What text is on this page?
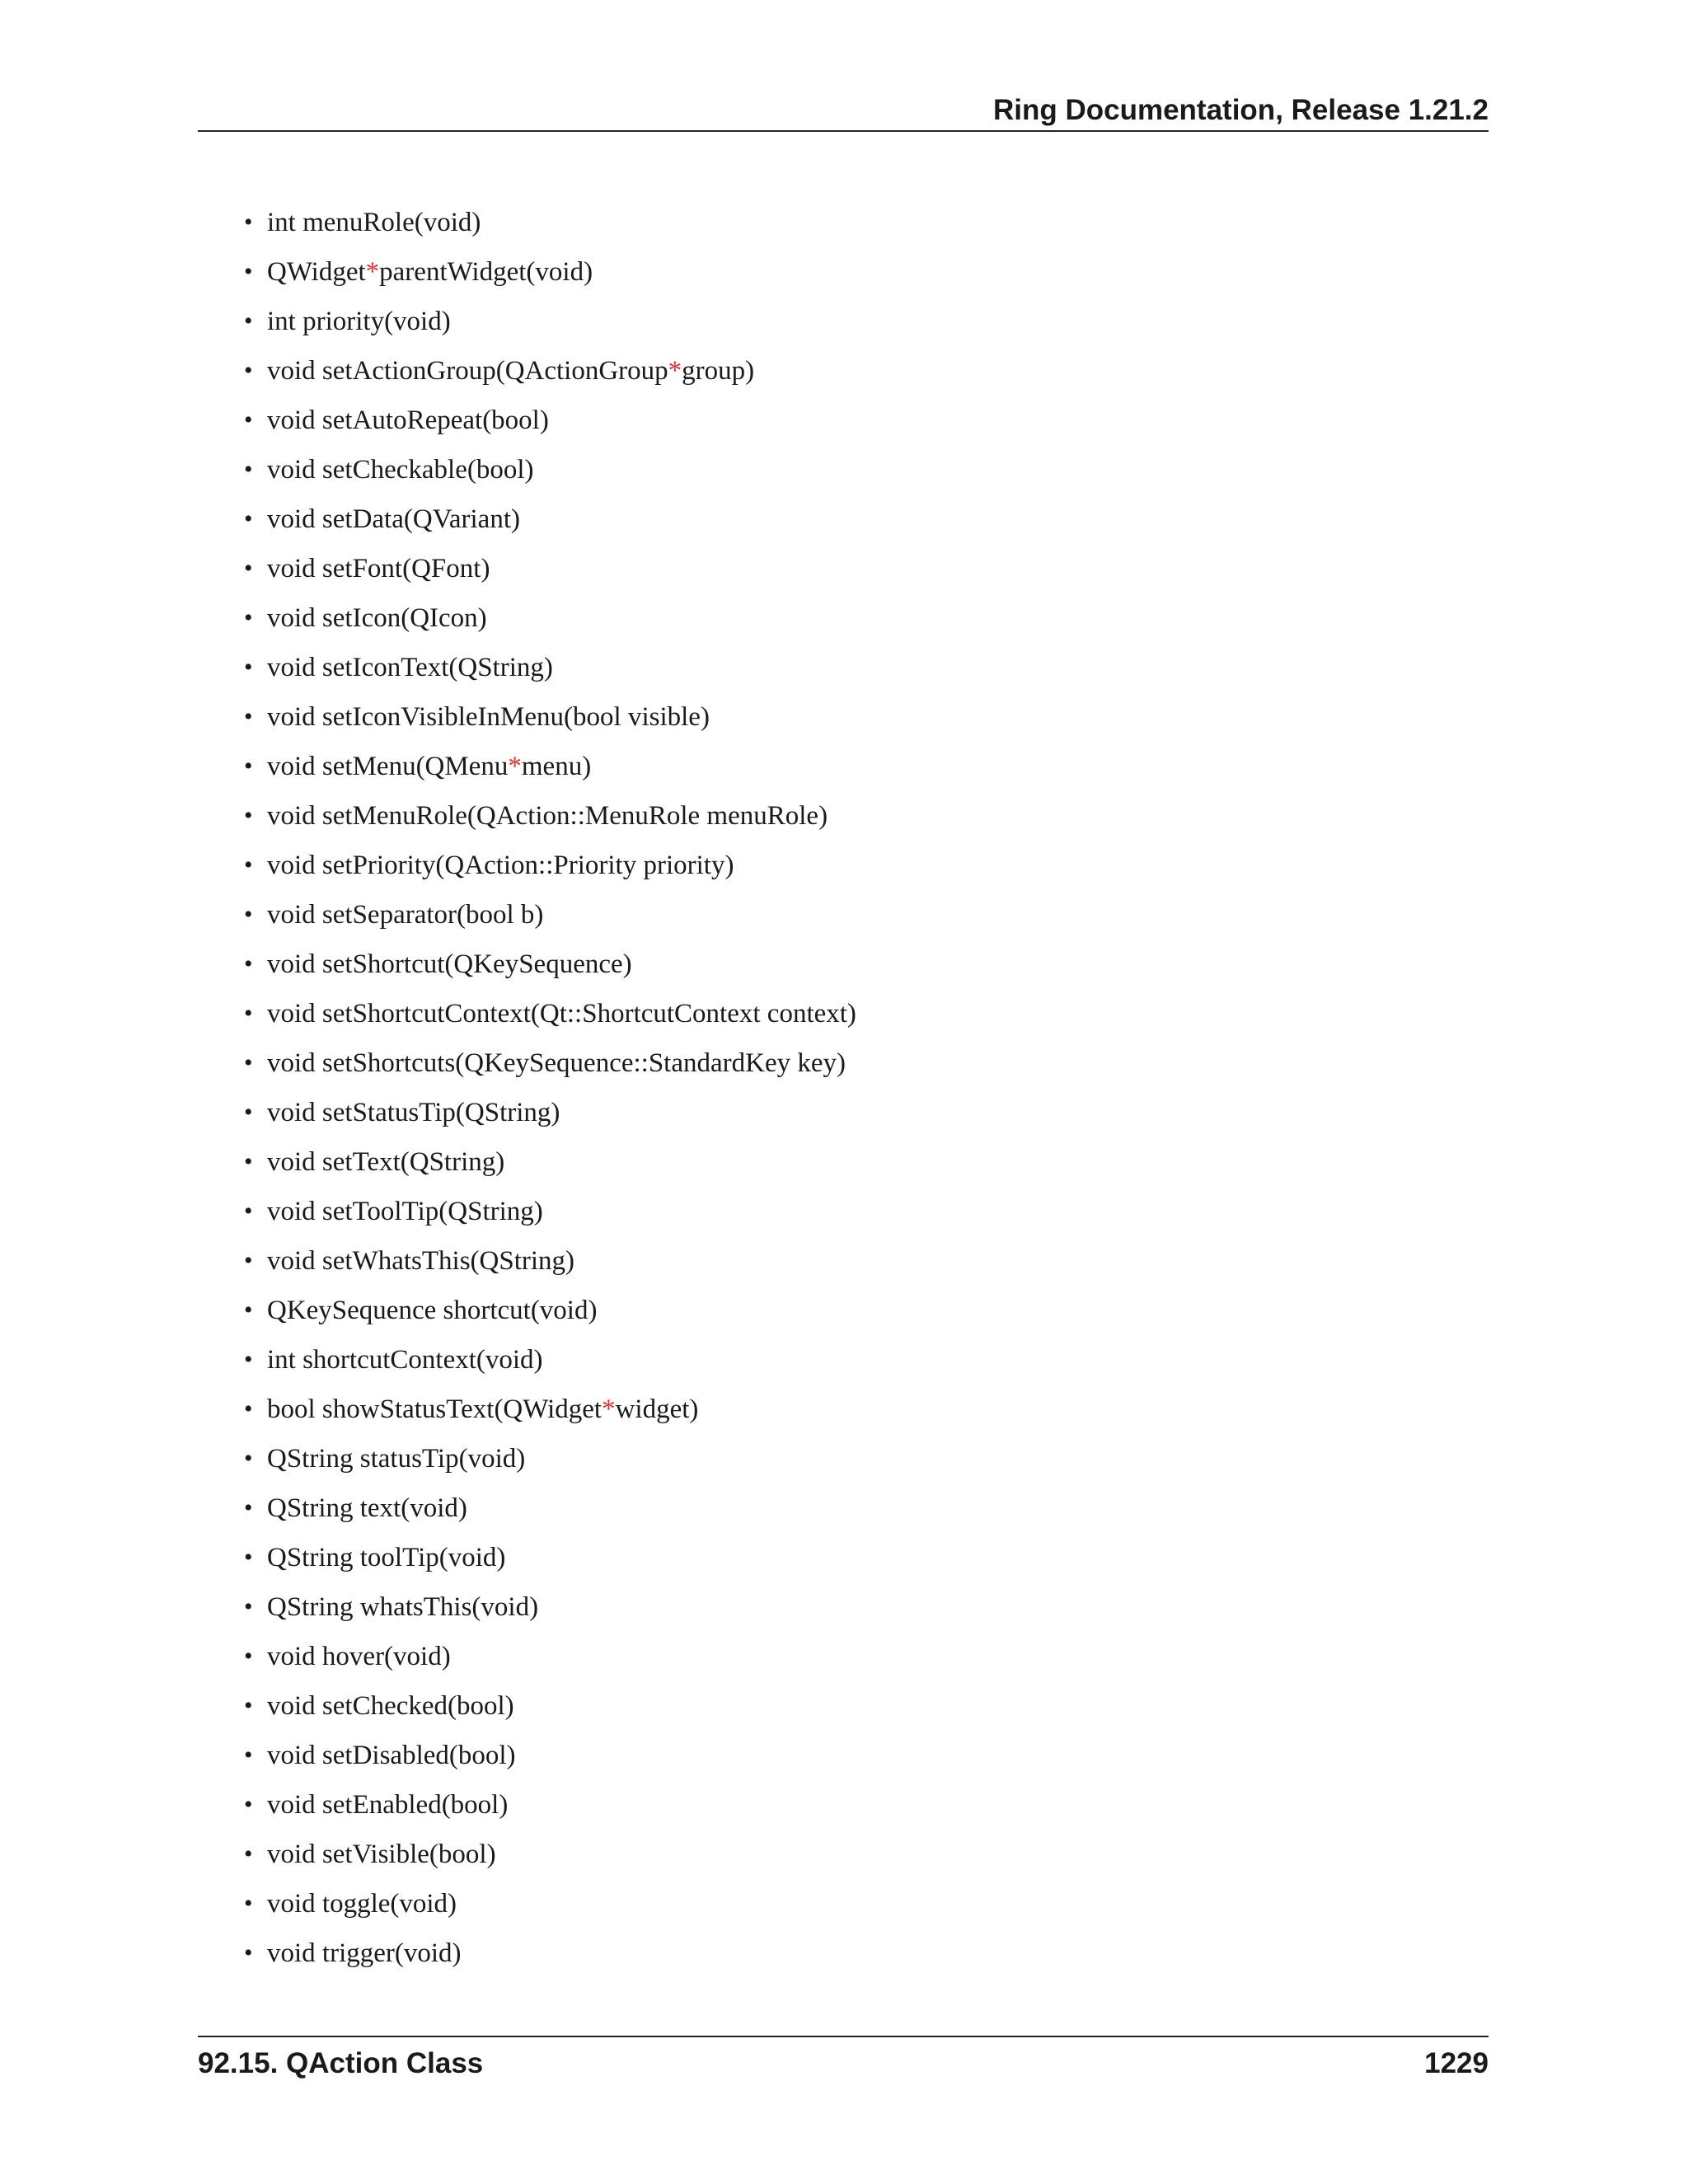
Ring Documentation, Release 1.21.2
• int menuRole(void)
• QWidget * parentWidget(void)
• int priority(void)
• void setActionGroup(QActionGroup * group)
• void setAutoRepeat(bool)
• void setCheckable(bool)
• void setData(QVariant)
• void setFont(QFont)
• void setIcon(QIcon)
• void setIconText(QString)
• void setIconVisibleInMenu(bool visible)
• void setMenu(QMenu * menu)
• void setMenuRole(QAction::MenuRole menuRole)
• void setPriority(QAction::Priority priority)
• void setSeparator(bool b)
• void setShortcut(QKeySequence)
• void setShortcutContext(Qt::ShortcutContext context)
• void setShortcuts(QKeySequence::StandardKey key)
• void setStatusTip(QString)
• void setText(QString)
• void setToolTip(QString)
• void setWhatsThis(QString)
• QKeySequence shortcut(void)
• int shortcutContext(void)
• bool showStatusText(QWidget * widget)
• QString statusTip(void)
• QString text(void)
• QString toolTip(void)
• QString whatsThis(void)
• void hover(void)
• void setChecked(bool)
• void setDisabled(bool)
• void setEnabled(bool)
• void setVisible(bool)
• void toggle(void)
• void trigger(void)
92.15. QAction Class	1229
